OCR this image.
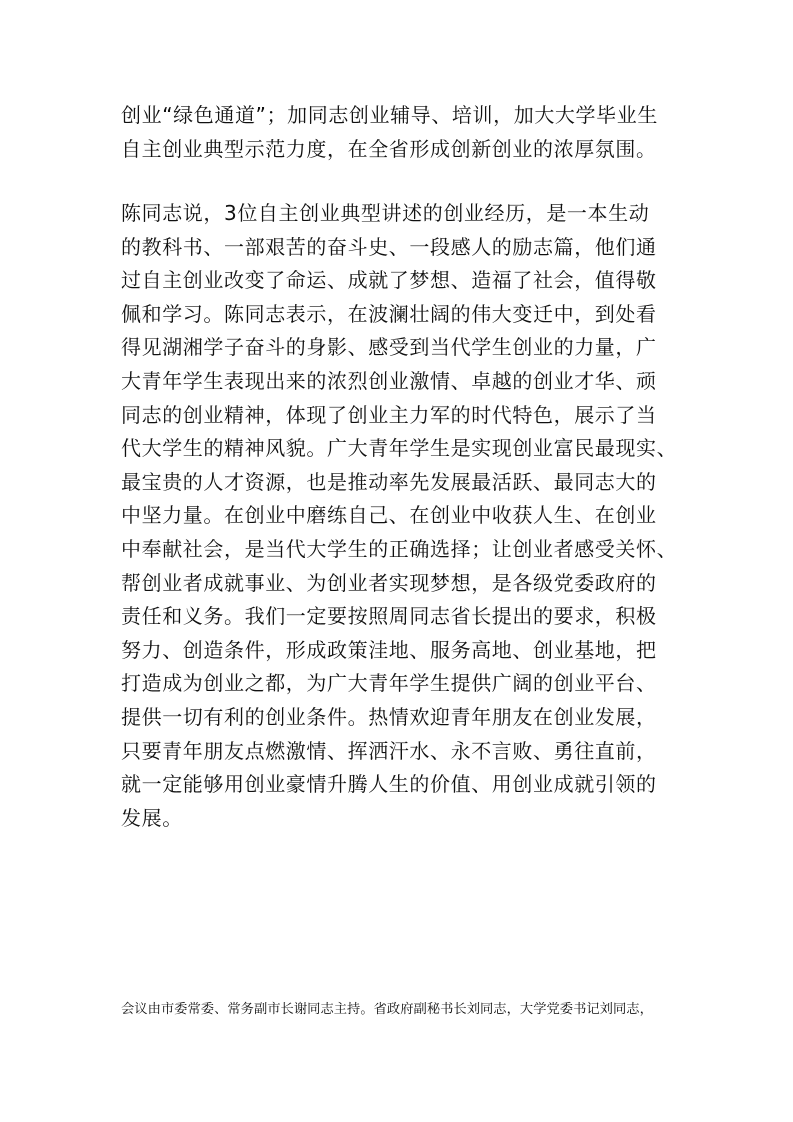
创业“绿色通道”；加同志创业辅导、培训，加大大学毕业生
自主创业典型示范力度，在全省形成创新创业的浓厚氛围。
陈同志说，3位自主创业典型讲述的创业经历，是一本生动
的教科书、一部艰苦的奋斗史、一段感人的励志篇，他们通
过自主创业改变了命运、成就了梦想、造福了社会，值得敬
佩和学习。陈同志表示，在波澜壮阔的伟大变迁中，到处看
得见湖湘学子奋斗的身影、感受到当代学生创业的力量，广
大青年学生表现出来的浓烈创业激情、卓越的创业才华、顽
同志的创业精神，体现了创业主力军的时代特色，展示了当
代大学生的精神风貌。广大青年学生是实现创业富民最现实、
最宝贵的人才资源，也是推动率先发展最活跃、最同志大的
中坚力量。在创业中磨练自己、在创业中收获人生、在创业
中奉献社会，是当代大学生的正确选择；让创业者感受关怀、
帮创业者成就事业、为创业者实现梦想，是各级党委政府的
责任和义务。我们一定要按照周同志省长提出的要求，积极
努力、创造条件，形成政策洼地、服务高地、创业基地，把
打造成为创业之都，为广大青年学生提供广阔的创业平台、
提供一切有利的创业条件。热情欢迎青年朋友在创业发展，
只要青年朋友点燃激情、挥洒汗水、永不言败、勇往直前，
就一定能够用创业豪情升腾人生的价值、用创业成就引领的
发展。
会议由市委常委、常务副市长谢同志主持。省政府副秘书长刘同志，大学党委书记刘同志，
